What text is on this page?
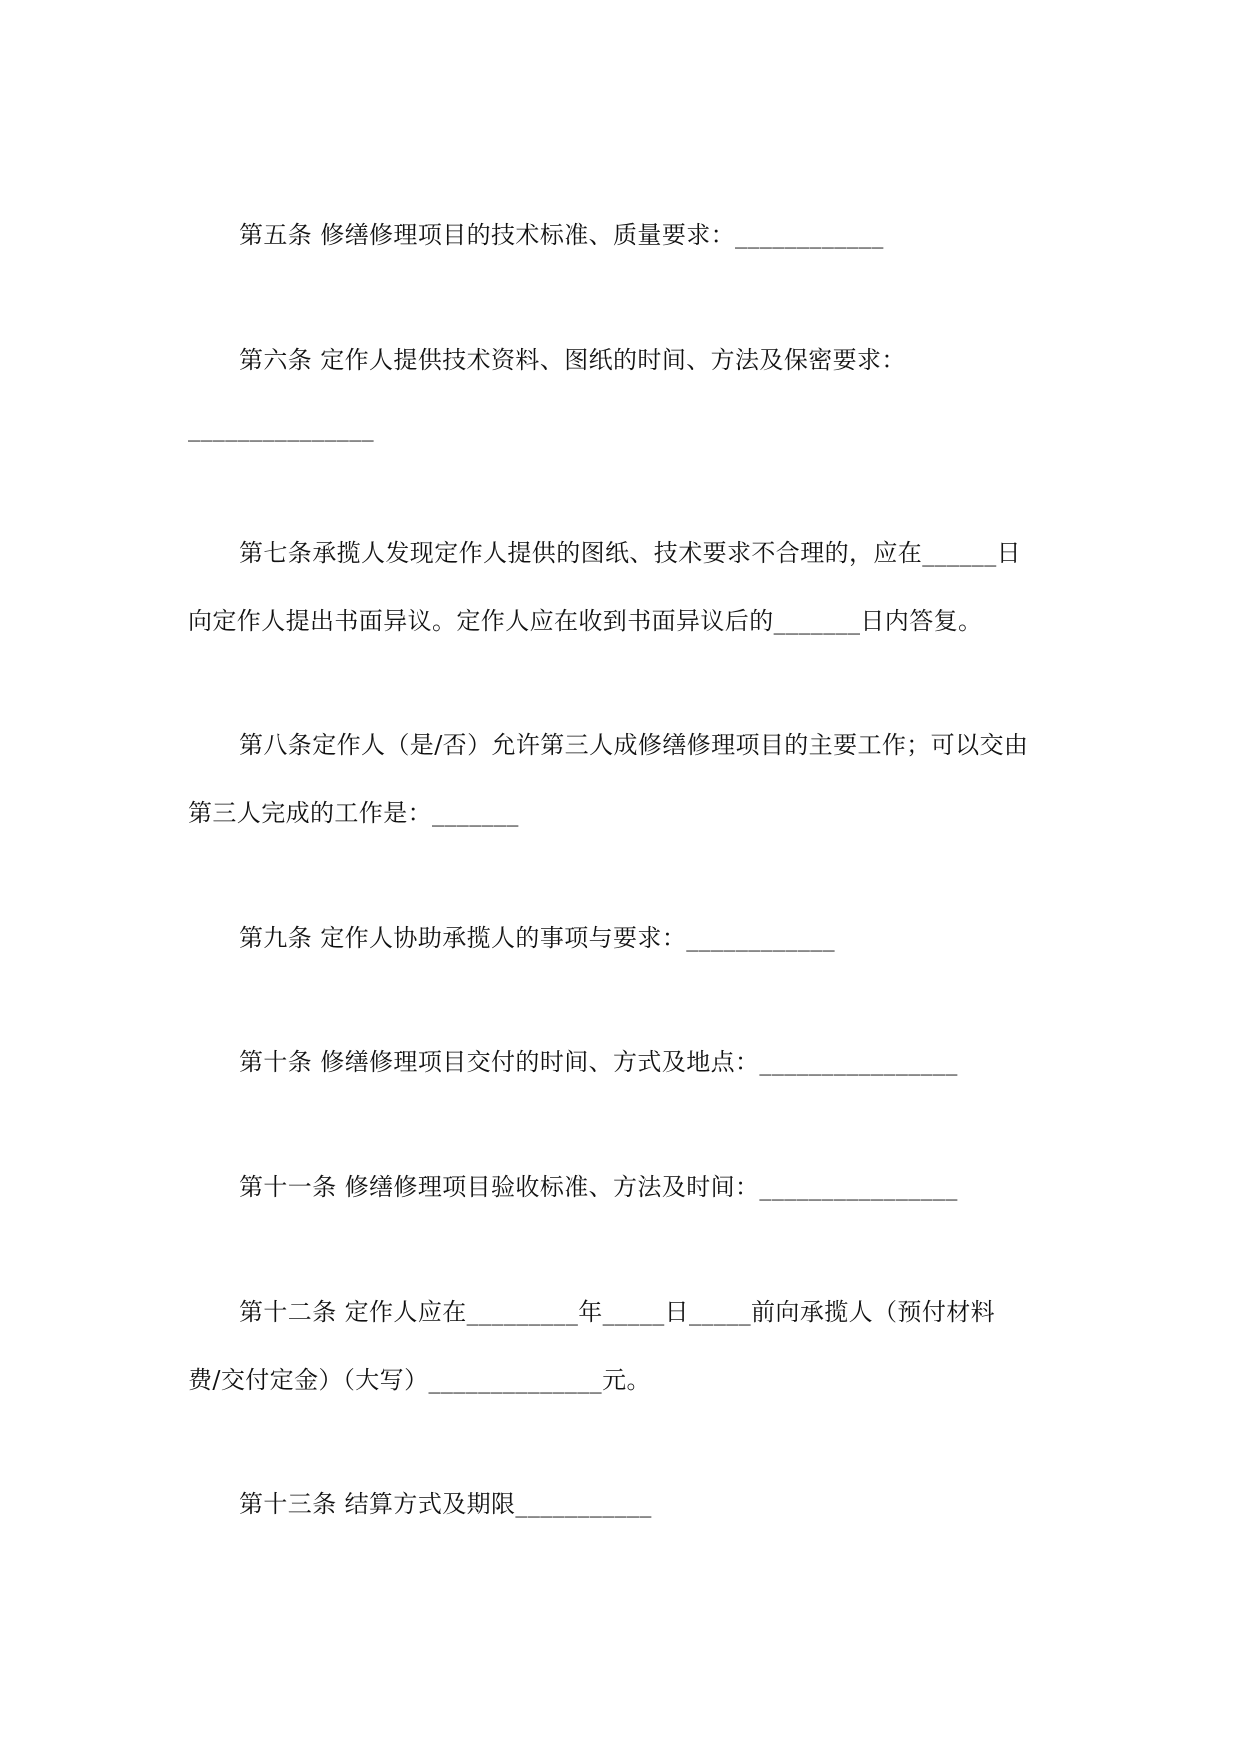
第五条 修缮修理项目的技术标准、质量要求：____________
第六条 定作人提供技术资料、图纸的时间、方法及保密要求：
_______________
第七条承揽人发现定作人提供的图纸、技术要求不合理的，应在______日
向定作人提出书面异议。定作人应在收到书面异议后的_______日内答复。
第八条定作人（是/否）允许第三人成修缮修理项目的主要工作；可以交由
第三人完成的工作是：_______
第九条 定作人协助承揽人的事项与要求：____________
第十条 修缮修理项目交付的时间、方式及地点：________________
第十一条 修缮修理项目验收标准、方法及时间：________________
第十二条 定作人应在_________年_____日_____前向承揽人（预付材料
费/交付定金）（大写）______________元。
第十三条 结算方式及期限___________
